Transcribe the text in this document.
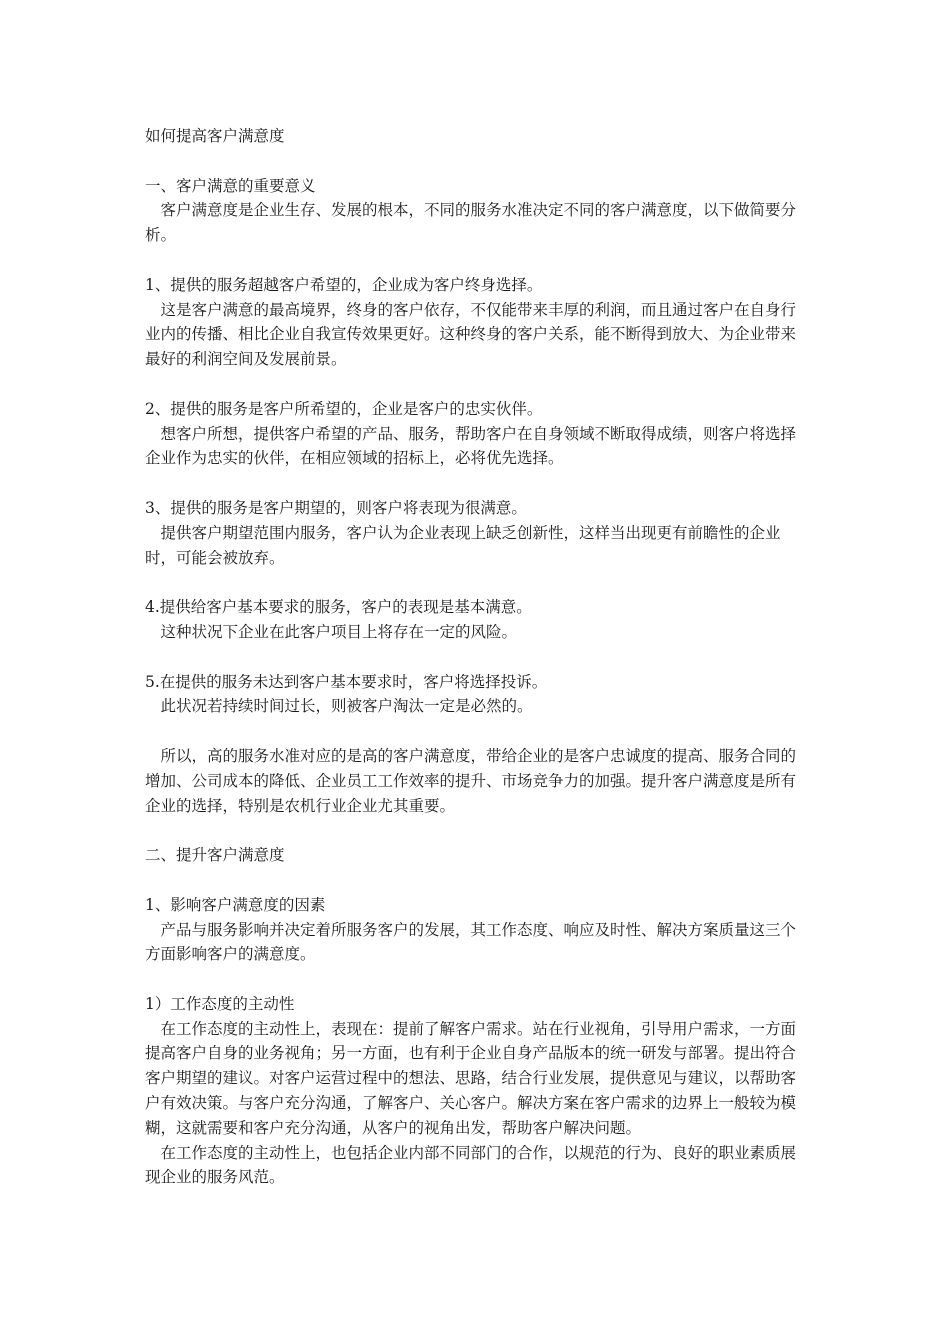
如何提高客户满意度

一、客户满意的重要意义

客户满意度是企业生存、发展的根本，不同的服务水准决定不同的客户满意度，以下做简要分析。

1、提供的服务超越客户希望的，企业成为客户终身选择。

这是客户满意的最高境界，终身的客户依存，不仅能带来丰厚的利润，而且通过客户在自身行业内的传播、相比企业自我宣传效果更好。这种终身的客户关系，能不断得到放大、为企业带来最好的利润空间及发展前景。

2、提供的服务是客户所希望的，企业是客户的忠实伙伴。

想客户所想，提供客户希望的产品、服务，帮助客户在自身领域不断取得成绩，则客户将选择企业作为忠实的伙伴，在相应领域的招标上，必将优先选择。

3、提供的服务是客户期望的，则客户将表现为很满意。

提供客户期望范围内服务，客户认为企业表现上缺乏创新性，这样当出现更有前瞻性的企业时，可能会被放弃。

4.提供给客户基本要求的服务，客户的表现是基本满意。

这种状况下企业在此客户项目上将存在一定的风险。

5.在提供的服务未达到客户基本要求时，客户将选择投诉。

此状况若持续时间过长，则被客户淘汰一定是必然的。

所以，高的服务水准对应的是高的客户满意度，带给企业的是客户忠诚度的提高、服务合同的增加、公司成本的降低、企业员工工作效率的提升、市场竞争力的加强。提升客户满意度是所有企业的选择，特别是农机行业企业尤其重要。

二、提升客户满意度

1、影响客户满意度的因素

产品与服务影响并决定着所服务客户的发展，其工作态度、响应及时性、解决方案质量这三个方面影响客户的满意度。

1）工作态度的主动性

在工作态度的主动性上，表现在：提前了解客户需求。站在行业视角，引导用户需求，一方面提高客户自身的业务视角；另一方面，也有利于企业自身产品版本的统一研发与部署。提出符合客户期望的建议。对客户运营过程中的想法、思路，结合行业发展，提供意见与建议，以帮助客户有效决策。与客户充分沟通，了解客户、关心客户。解决方案在客户需求的边界上一般较为模糊，这就需要和客户充分沟通，从客户的视角出发，帮助客户解决问题。

在工作态度的主动性上，也包括企业内部不同部门的合作，以规范的行为、良好的职业素质展现企业的服务风范。
